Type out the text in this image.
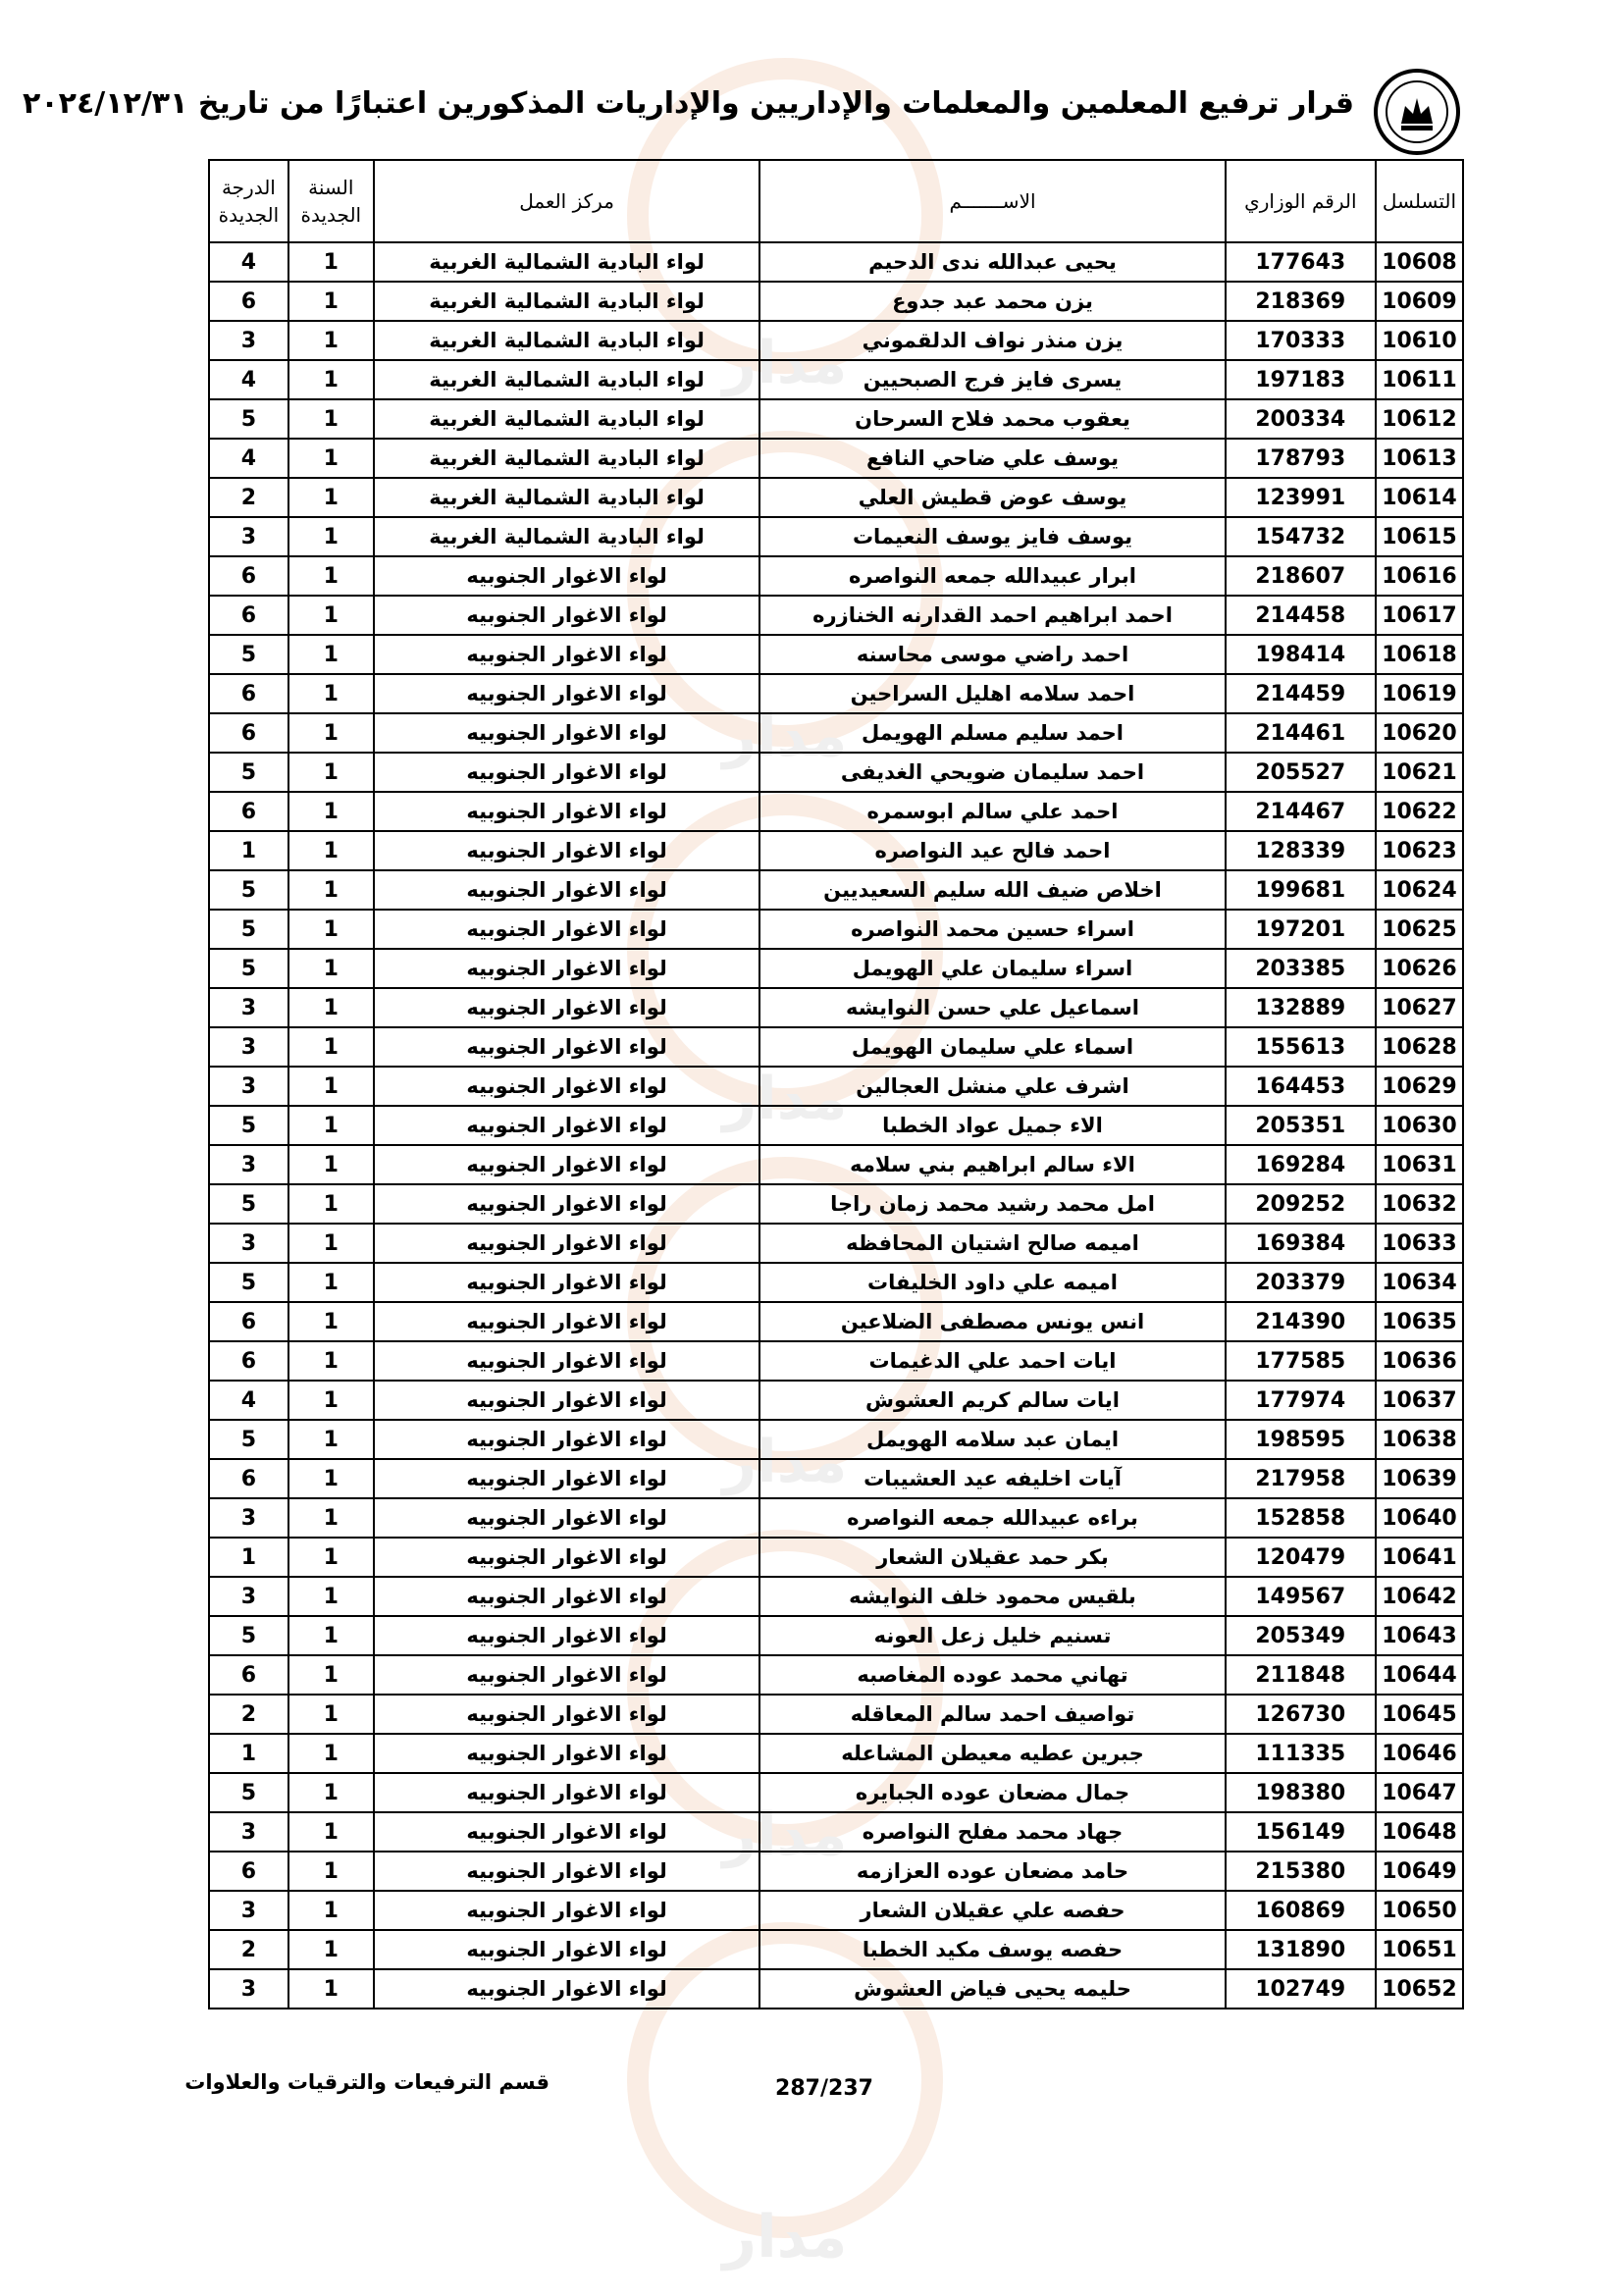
مدار
مدار
مدار
مدار
مدار
مدار
قرار ترفيع المعلمين والمعلمات والإداريين والإداريات المذكورين اعتبارًا من تاريخ ٢٠٢٤/١٢/٣١
التسلسل	الرقم الوزاري	الاســـــــم	مركز العمل	السنة الجديدة	الدرجة الجديدة
10608	177643	يحيى عبدالله ندى الدحيم	لواء البادية الشمالية الغربية	1	4
10609	218369	يزن محمد عبد جدوع	لواء البادية الشمالية الغربية	1	6
10610	170333	يزن منذر نواف الدلقموني	لواء البادية الشمالية الغربية	1	3
10611	197183	يسرى فايز فرج الصبحيين	لواء البادية الشمالية الغربية	1	4
10612	200334	يعقوب محمد فلاح السرحان	لواء البادية الشمالية الغربية	1	5
10613	178793	يوسف علي ضاحي النافع	لواء البادية الشمالية الغربية	1	4
10614	123991	يوسف عوض قطيش العلي	لواء البادية الشمالية الغربية	1	2
10615	154732	يوسف فايز يوسف النعيمات	لواء البادية الشمالية الغربية	1	3
10616	218607	ابرار عبيدالله جمعه النواصره	لواء الاغوار الجنوبيه	1	6
10617	214458	احمد ابراهيم احمد القدارنه الخنازره	لواء الاغوار الجنوبيه	1	6
10618	198414	احمد راضي موسى محاسنه	لواء الاغوار الجنوبيه	1	5
10619	214459	احمد سلامه اهليل السراحين	لواء الاغوار الجنوبيه	1	6
10620	214461	احمد سليم مسلم الهويمل	لواء الاغوار الجنوبيه	1	6
10621	205527	احمد سليمان ضويحي الغديفى	لواء الاغوار الجنوبيه	1	5
10622	214467	احمد علي سالم ابوسمره	لواء الاغوار الجنوبيه	1	6
10623	128339	احمد فالح عيد النواصره	لواء الاغوار الجنوبيه	1	1
10624	199681	اخلاص ضيف الله سليم السعيديين	لواء الاغوار الجنوبيه	1	5
10625	197201	اسراء حسين محمد النواصره	لواء الاغوار الجنوبيه	1	5
10626	203385	اسراء سليمان علي الهويمل	لواء الاغوار الجنوبيه	1	5
10627	132889	اسماعيل علي حسن النوايشه	لواء الاغوار الجنوبيه	1	3
10628	155613	اسماء علي سليمان الهويمل	لواء الاغوار الجنوبيه	1	3
10629	164453	اشرف علي منشل العجالين	لواء الاغوار الجنوبيه	1	3
10630	205351	الاء جميل عواد الخطبا	لواء الاغوار الجنوبيه	1	5
10631	169284	الاء سالم ابراهيم بني سلامه	لواء الاغوار الجنوبيه	1	3
10632	209252	امل محمد رشيد محمد زمان راجا	لواء الاغوار الجنوبيه	1	5
10633	169384	اميمه صالح اشتيان المحافظه	لواء الاغوار الجنوبيه	1	3
10634	203379	اميمه علي داود الخليفات	لواء الاغوار الجنوبيه	1	5
10635	214390	انس يونس مصطفى الضلاعين	لواء الاغوار الجنوبيه	1	6
10636	177585	ايات احمد علي الدغيمات	لواء الاغوار الجنوبيه	1	6
10637	177974	ايات سالم كريم العشوش	لواء الاغوار الجنوبيه	1	4
10638	198595	ايمان عبد سلامه الهويمل	لواء الاغوار الجنوبيه	1	5
10639	217958	آيات اخليفه عيد العشيبات	لواء الاغوار الجنوبيه	1	6
10640	152858	براءه عبيدالله جمعه النواصره	لواء الاغوار الجنوبيه	1	3
10641	120479	بكر حمد عقيلان الشعار	لواء الاغوار الجنوبيه	1	1
10642	149567	بلقيس محمود خلف النوايشه	لواء الاغوار الجنوبيه	1	3
10643	205349	تسنيم خليل زعل العونه	لواء الاغوار الجنوبيه	1	5
10644	211848	تهاني محمد عوده المغاصبه	لواء الاغوار الجنوبيه	1	6
10645	126730	تواصيف احمد سالم المعاقله	لواء الاغوار الجنوبيه	1	2
10646	111335	جبرين عطيه معيطن المشاعله	لواء الاغوار الجنوبيه	1	1
10647	198380	جمال مضعان عوده الجبايره	لواء الاغوار الجنوبيه	1	5
10648	156149	جهاد محمد مفلح النواصره	لواء الاغوار الجنوبيه	1	3
10649	215380	حامد مضعان عوده العزازمه	لواء الاغوار الجنوبيه	1	6
10650	160869	حفصه علي عقيلان الشعار	لواء الاغوار الجنوبيه	1	3
10651	131890	حفصه يوسف مكيد الخطبا	لواء الاغوار الجنوبيه	1	2
10652	102749	حليمه يحيى فياض العشوش	لواء الاغوار الجنوبيه	1	3
287/237
قسم الترفيعات والترقيات والعلاوات
